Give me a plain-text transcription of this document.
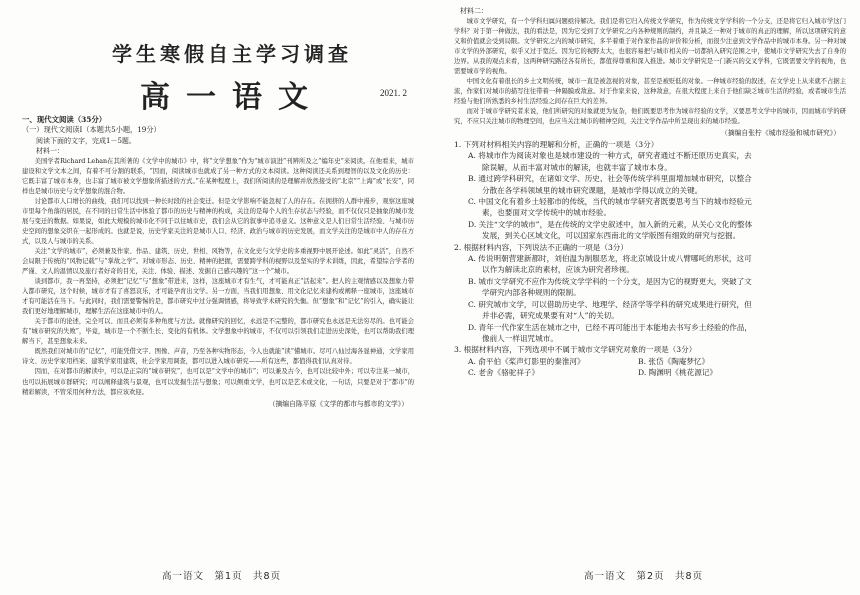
学生寒假自主学习调查
高一语文	2021. 2

一、现代文阅读（35分）

（一）现代文阅读Ⅰ（本题共5小题，19分）

阅读下面的文字，完成1－5题。

材料一：

美国学者Richard Lehan在其所著的《文学中的城市》中，将“文学想象”作为“城市演进”刊辨所及之“编年史”来阅读。在他看来，城市建设和文学文本之间，有着不可分割的联系，“因而，阅读城市也就成了另一种方式的文本阅读。这种阅读还关系到理智的以及文化的历史：它既丰富了城市本身，也丰富了城市被文学想象所描述的方式。”在某种程度上，我们所阅读的是理解并欣然接受的“北京”“上海”或“长安”，同样也是城市历史与文学想象的混合物。

讨论都市人口增长的曲线，我们可以找到一种长时段的社会变迁。但是文学影响不能忽视了人的存在。在拥挤的人群中漫步，观察这座城市里每个角落的居民，在不同的日常生活中体验了都市的历史与精神的构成，关注的是每个人的生存状态与经验，而不仅仅只是抽象的城市发展与变迁的数据。如果说，如此大规模的城市化不同于以往城市史，我们会从它的叙事中追寻意义。这种意义是人们日常生活经验、与城市历史空间的想象交织在一起形成的。也就是说，历史学家关注的是城市人口、经济、政治与城市的历史发展，而文学关注的是城市中人的存在方式，以及人与城市的关系。

关注“文学的城市”，必须兼及作家、作品、建筑、历史、世相、风物等，在文化史与文学史的多重视野中展开论述。如此“灵活”，自然不会局限于传统的“风物记载”与“掌故之学”。对城市形态、历史、精神的把握，需要跨学科的视野以及坚实的学术训练，因此，希望综合学者的严谨、文人的温情以及旅行者好奇的目光，关注、体验、描述、发掘自己感兴趣的“这一个”城市。

谈到都市，我一再坚持，必须把“记忆”与“想象”带进来，这样，这座城市才有生气，才可能真正“活起来”。把人的主观情感以及想象力带入都市研究，这个时候，城市才有了喜怒哀乐，才可能孕育出文学。另一方面，当我们用想象、用文化记忆来建构或阐释一座城市，这座城市才有可能活在当下。与此同时，我们需要警惕的是，都市研究中过分强调情感，将导致学术研究的失衡。但“想象”和“记忆”的引入，确实能让我们更好地理解城市，理解生活在这座城市中的人。

关于都市的论述，完全可以、而且必须有多种角度与方法。就像研究的回忆，永远是不完整的，都市研究也永远是无法穷尽的。也可能会有“城市研究的失败”，毕竟，城市是一个不断生长、变化的有机体。文学想象中的城市，不仅可以引领我们走进历史深处，也可以帮助我们理解当下，甚至想象未来。

既然我们对城市的“记忆”，可能凭借文字、图像、声音，乃至各种实物形态，今人也就能“读”懂城市。尽可八仙过海各显神通，文学家用诗文、历史学家用档案、建筑学家用建筑，社会学家用调查，都可以进入城市研究——所有这些，都值得我们认真对待。

因而，在对都市的解读中，可以是正宗的“城市研究”，也可以是“文学中的城市”；可以兼及古今，也可以比较中外；可以专注某一城市，也可以拓展城市群研究；可以阐释建筑与景观，也可以发掘生活与想象；可以侧重文学，也可以是艺术或文化，一句话，只要是对于“都市”的精彩解读，不管采用何种方法，都应该欢迎。

（摘编自陈平原《文学的都市与都市的文学》）

高一语文　第1页　共8页

材料二：

城市文学研究，有一个学科归属问题亟待解决。我们是将它归入传统文学研究，作为传统文学学科的一个分支，还是将它归入城市学这门学科？对于第一种做法，我的看法是，因为它受到了文学研究之内各种规则的制约，并且缺乏一种对于城市的真正的理解，所以这项研究的意义和价值就会受到局限。文学研究之内的城市研究，多半着重于对作家作品的评价和分析，而很少注意到文学作品中的城市本身。另一种对城市文学的外部研究，似乎又过于宽泛。因为它的视野太大，也很容易把与城市相关的一切都纳入研究范围之中，使城市文学研究失去了自身的边界。从我的观点来看，这两种研究路径各有所长，都值得尊重和深入推进。城市文学研究是一门新兴的交叉学科，它既需要文学的视角，也需要城市学的视角。

中国文化有着很长的乡土文明传统，城市一直是被忽视的对象，甚至是被贬低的对象。一种城市经验的叙述，在文学史上从来就不占据主流，作家们对城市的描写往往带着一种隔膜或敌意。对于作家来说，这种敌意，在很大程度上来自于他们缺乏城市生活的经验，或者城市生活经验与他们所熟悉的乡村生活经验之间存在巨大的差异。

而对于城市学研究者来说，他们所研究的对象就更为复杂，他们既要思考作为城市经验的文学，又要思考文学中的城市，因而城市学的研究，不应只关注城市的物理空间，也应当关注城市的精神空间，关注文学作品中所呈现出来的城市经验。

（摘编自张柠《城市经验和城市研究》）

1. 下列对材料相关内容的理解和分析，正确的一项是（3分）

A. 将城市作为阅读对象也是城市建设的一种方式，研究者通过不断还原历史真实，去

除误解，从而丰富对城市的解读，也就丰富了城市本身。

B. 通过跨学科研究，在诸如文学、历史、社会等传统学科里面增加城市研究，以整合

分散在各学科领域里的城市研究课题，是城市学得以成立的关键。

C. 中国文化有着乡土轻都市的传统，当代的城市学研究者既要思考当下的城市经验元

素，也要面对文学传统中的城市经验。

D. 关注“文学的城市”，是在传统的文学史叙述中，加入新的元素，从关心文化的整体

发展，到关心区域文化，可以国家东西南北的文学版图有细致的研究与挖掘。

2. 根据材料内容，下列说法不正确的一项是（3分）

A. 传说明朝营建新都时，刘伯温为制服恶龙，将北京城设计成八臂哪吒的形状，这可

以作为解读北京的素材，应该为研究者珍视。

B. 城市文学研究不应作为传统文学学科的一个分支，是因为它的视野更大，突破了文

学研究内部各种规则的限制。

C. 研究城市文学，可以借助历史学、地理学、经济学等学科的研究成果进行研究，但

并非必需，研究成果要有对“人”的关切。

D. 青年一代作家生活在城市之中，已经不再可能出于本能地去书写乡土经验的作品，

像前人一样诅咒城市。

3. 根据材料内容，下列选项中不属于城市文学研究对象的一项是（3分）

A. 俞平伯《桨声灯影里的秦淮河》	B. 张岱《陶庵梦忆》
C. 老舍《骆驼祥子》	D. 陶渊明《桃花源记》
高一语文　第2页　共8页
